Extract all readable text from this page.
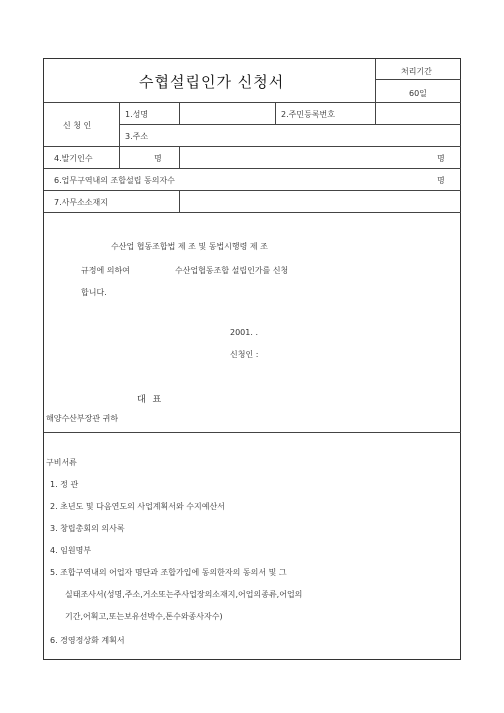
수협설립인가 신청서
처리기간
60일
신 청 인
1.성명	2.주민등록번호
3.주소
4.발기인수	명	명
6.업무구역내의 조합설립 동의자수	명
7.사무소소재지
수산업 협동조합법 제 조 및 동법시행령 제 조
규정에 의하여	수산업협동조합 설립인가를 신청
합니다.
2001. .
신청인 :
대 표
해양수산부장관 귀하
구비서류
1. 정 관
2. 초년도 및 다음연도의 사업계획서와 수지예산서
3. 창립총회의 의사록
4. 임원명부
5. 조합구역내의 어업자 명단과 조합가입에 동의한자의 동의서 및 그
실태조사서(성명,주소,거소또는주사업장의소재지,어업의종류,어업의
기간,어획고,또는보유선박수,톤수와종사자수)
6. 경영정상화 계획서
